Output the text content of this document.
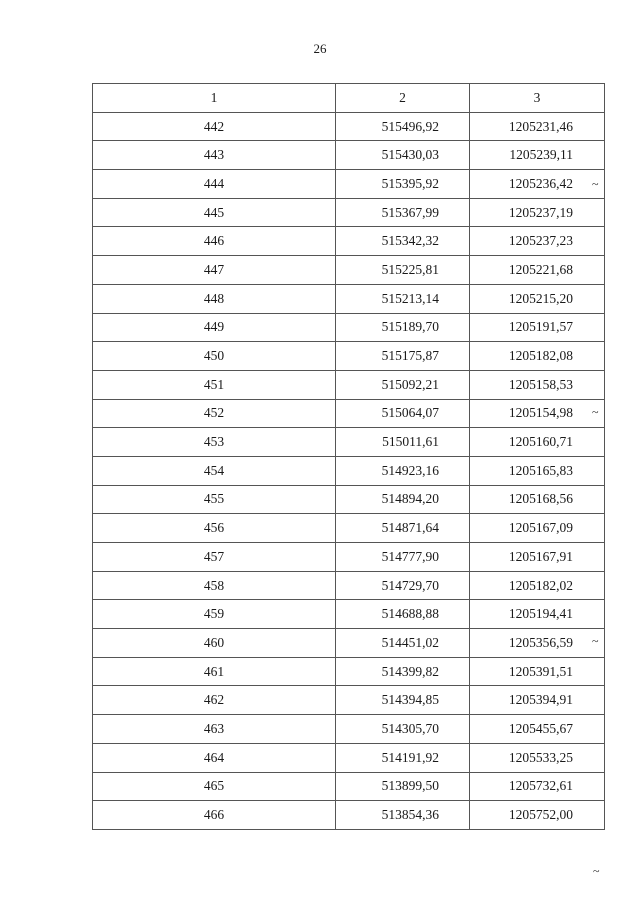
26
1	2	3
442	515496,92	1205231,46
443	515430,03	1205239,11
444	515395,92	1205236,42
445	515367,99	1205237,19
446	515342,32	1205237,23
447	515225,81	1205221,68
448	515213,14	1205215,20
449	515189,70	1205191,57
450	515175,87	1205182,08
451	515092,21	1205158,53
452	515064,07	1205154,98
453	515011,61	1205160,71
454	514923,16	1205165,83
455	514894,20	1205168,56
456	514871,64	1205167,09
457	514777,90	1205167,91
458	514729,70	1205182,02
459	514688,88	1205194,41
460	514451,02	1205356,59
461	514399,82	1205391,51
462	514394,85	1205394,91
463	514305,70	1205455,67
464	514191,92	1205533,25
465	513899,50	1205732,61
466	513854,36	1205752,00
~
~
~
~
